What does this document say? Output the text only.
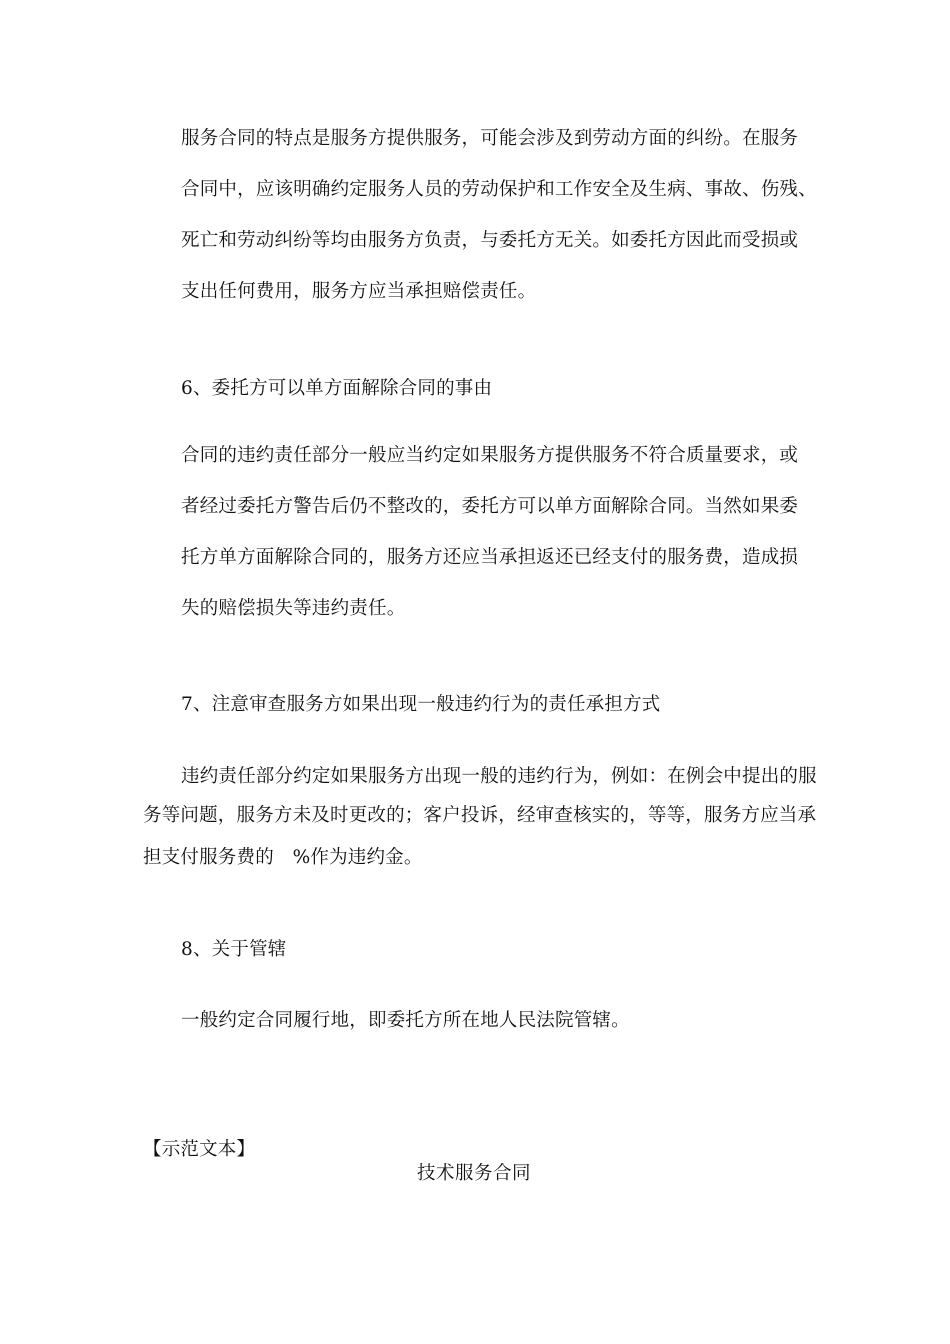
服务合同的特点是服务方提供服务，可能会涉及到劳动方面的纠纷。在服务
合同中，应该明确约定服务人员的劳动保护和工作安全及生病、事故、伤残、
死亡和劳动纠纷等均由服务方负责，与委托方无关。如委托方因此而受损或
支出任何费用，服务方应当承担赔偿责任。
6、委托方可以单方面解除合同的事由
合同的违约责任部分一般应当约定如果服务方提供服务不符合质量要求，或
者经过委托方警告后仍不整改的，委托方可以单方面解除合同。当然如果委
托方单方面解除合同的，服务方还应当承担返还已经支付的服务费，造成损
失的赔偿损失等违约责任。
7、注意审查服务方如果出现一般违约行为的责任承担方式
违约责任部分约定如果服务方出现一般的违约行为，例如：在例会中提出的服
务等问题，服务方未及时更改的；客户投诉，经审查核实的，等等，服务方应当承
担支付服务费的　%作为违约金。
8、关于管辖
一般约定合同履行地，即委托方所在地人民法院管辖。
【示范文本】
技术服务合同
